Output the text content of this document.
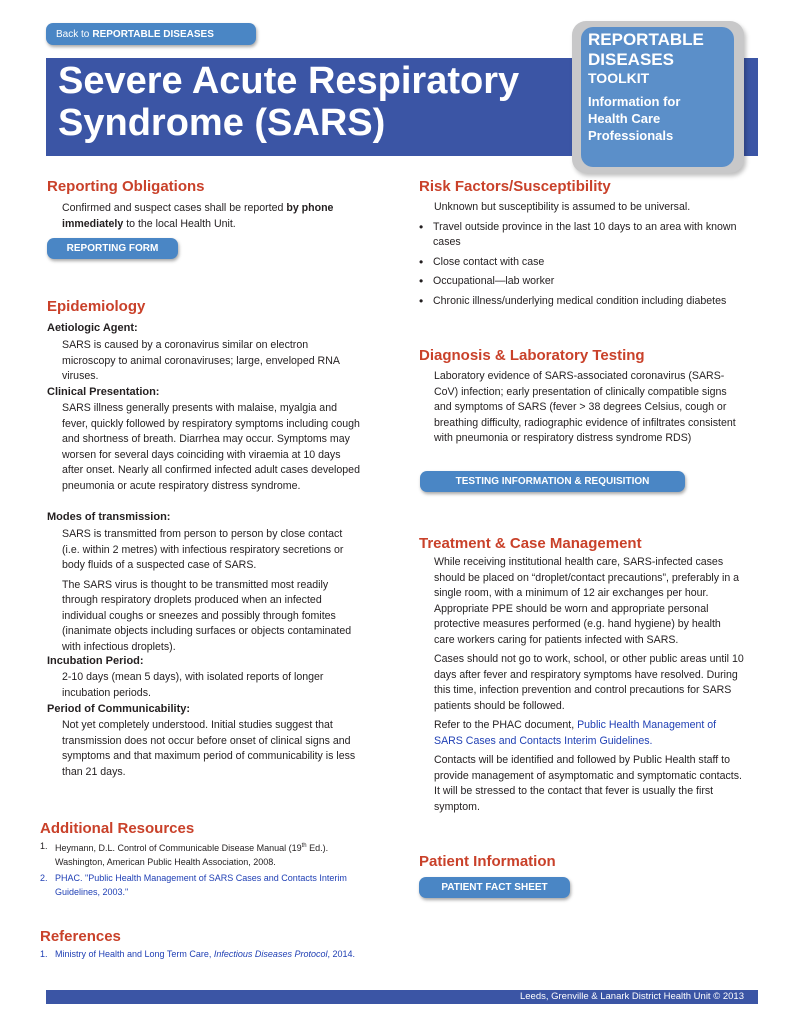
Back to REPORTABLE DISEASES
Severe Acute Respiratory
Syndrome (SARS)
REPORTABLE
DISEASES
TOOLKIT
Information for
Health Care
Professionals
Reporting Obligations
Confirmed and suspect cases shall be reported by phone immediately to the local Health Unit.
REPORTING FORM
Epidemiology
Aetiologic Agent:
SARS is caused by a coronavirus similar on electron microscopy to animal coronaviruses; large, enveloped RNA viruses.
Clinical Presentation:
SARS illness generally presents with malaise, myalgia and fever, quickly followed by respiratory symptoms including cough and shortness of breath. Diarrhea may occur. Symptoms may worsen for several days coinciding with viraemia at 10 days after onset. Nearly all confirmed infected adult cases developed pneumonia or acute respiratory distress syndrome.
Modes of transmission:

SARS is transmitted from person to person by close contact (i.e. within 2 metres) with infectious respiratory secretions or body fluids of a suspected case of SARS.

The SARS virus is thought to be transmitted most readily through respiratory droplets produced when an infected individual coughs or sneezes and possibly through fomites (inanimate objects including surfaces or objects contaminated with infectious droplets).

Incubation Period:
2-10 days (mean 5 days), with isolated reports of longer incubation periods.
Period of Communicability:
Not yet completely understood. Initial studies suggest that transmission does not occur before onset of clinical signs and symptoms and that maximum period of communicability is less than 21 days.
Additional Resources
1. Heymann, D.L. Control of Communicable Disease Manual (19th Ed.). Washington, American Public Health Association, 2008.
2. PHAC. "Public Health Management of SARS Cases and Contacts Interim Guidelines, 2003."
References
1. Ministry of Health and Long Term Care, Infectious Diseases Protocol, 2014.
Risk Factors/Susceptibility

Unknown but susceptibility is assumed to be universal.

• Travel outside province in the last 10 days to an area with known cases
• Close contact with case
• Occupational—lab worker
• Chronic illness/underlying medical condition including diabetes
Diagnosis & Laboratory Testing
Laboratory evidence of SARS-associated coronavirus (SARS-CoV) infection; early presentation of clinically compatible signs and symptoms of SARS (fever > 38 degrees Celsius, cough or breathing difficulty, radiographic evidence of infiltrates consistent with pneumonia or respiratory distress syndrome RDS)
TESTING INFORMATION & REQUISITION
Treatment & Case Management

While receiving institutional health care, SARS-infected cases should be placed on “droplet/contact precautions”, preferably in a single room, with a minimum of 12 air exchanges per hour. Appropriate PPE should be worn and appropriate personal protective measures performed (e.g. hand hygiene) by health care workers caring for patients infected with SARS.

Cases should not go to work, school, or other public areas until 10 days after fever and respiratory symptoms have resolved. During this time, infection prevention and control precautions for SARS patients should be followed.

Refer to the PHAC document, Public Health Management of SARS Cases and Contacts Interim Guidelines.

Contacts will be identified and followed by Public Health staff to provide management of asymptomatic and symptomatic contacts. It will be stressed to the contact that fever is usually the first symptom.

Patient Information
PATIENT FACT SHEET
Leeds, Grenville & Lanark District Health Unit © 2013
